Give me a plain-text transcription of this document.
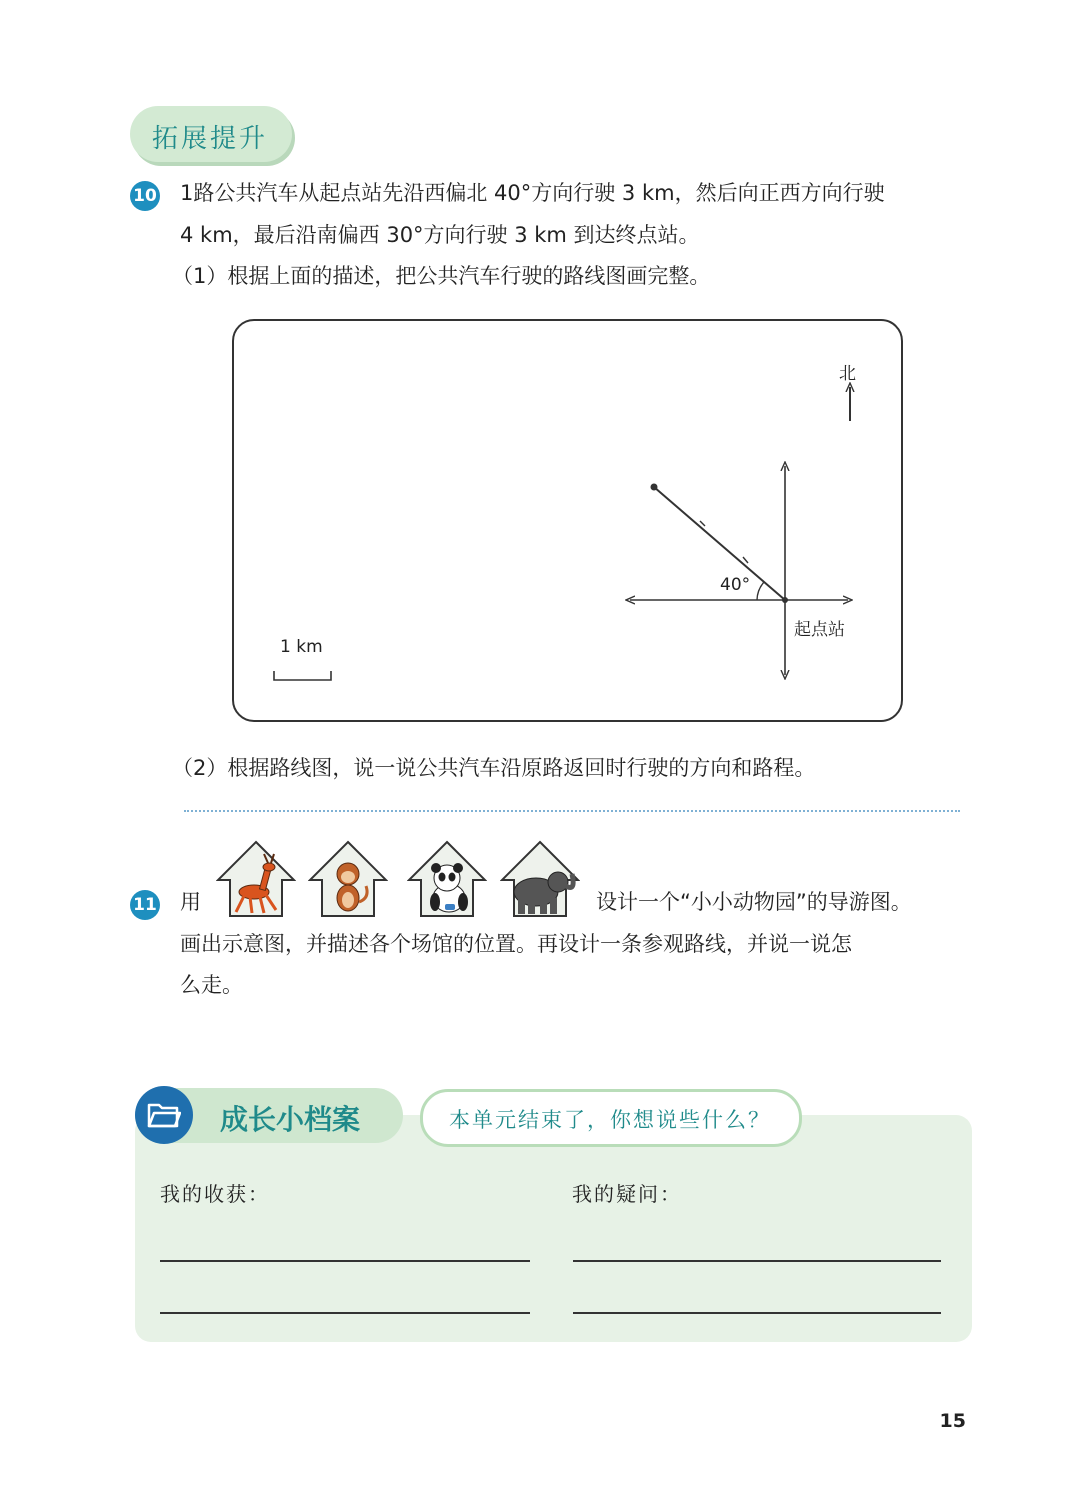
拓展提升
10 1路公共汽车从起点站先沿西偏北 40°方向行驶 3 km，然后向正西方向行驶
4 km，最后沿南偏西 30°方向行驶 3 km 到达终点站。
（1）根据上面的描述，把公共汽车行驶的路线图画完整。
北
40°
起点站
1 km
（2）根据路线图，说一说公共汽车沿原路返回时行驶的方向和路程。
11 用	设计一个“小小动物园”的导游图。
画出示意图，并描述各个场馆的位置。再设计一条参观路线，并说一说怎
么走。
成长小档案	本单元结束了，你想说些什么？
我的收获：	我的疑问：
15
